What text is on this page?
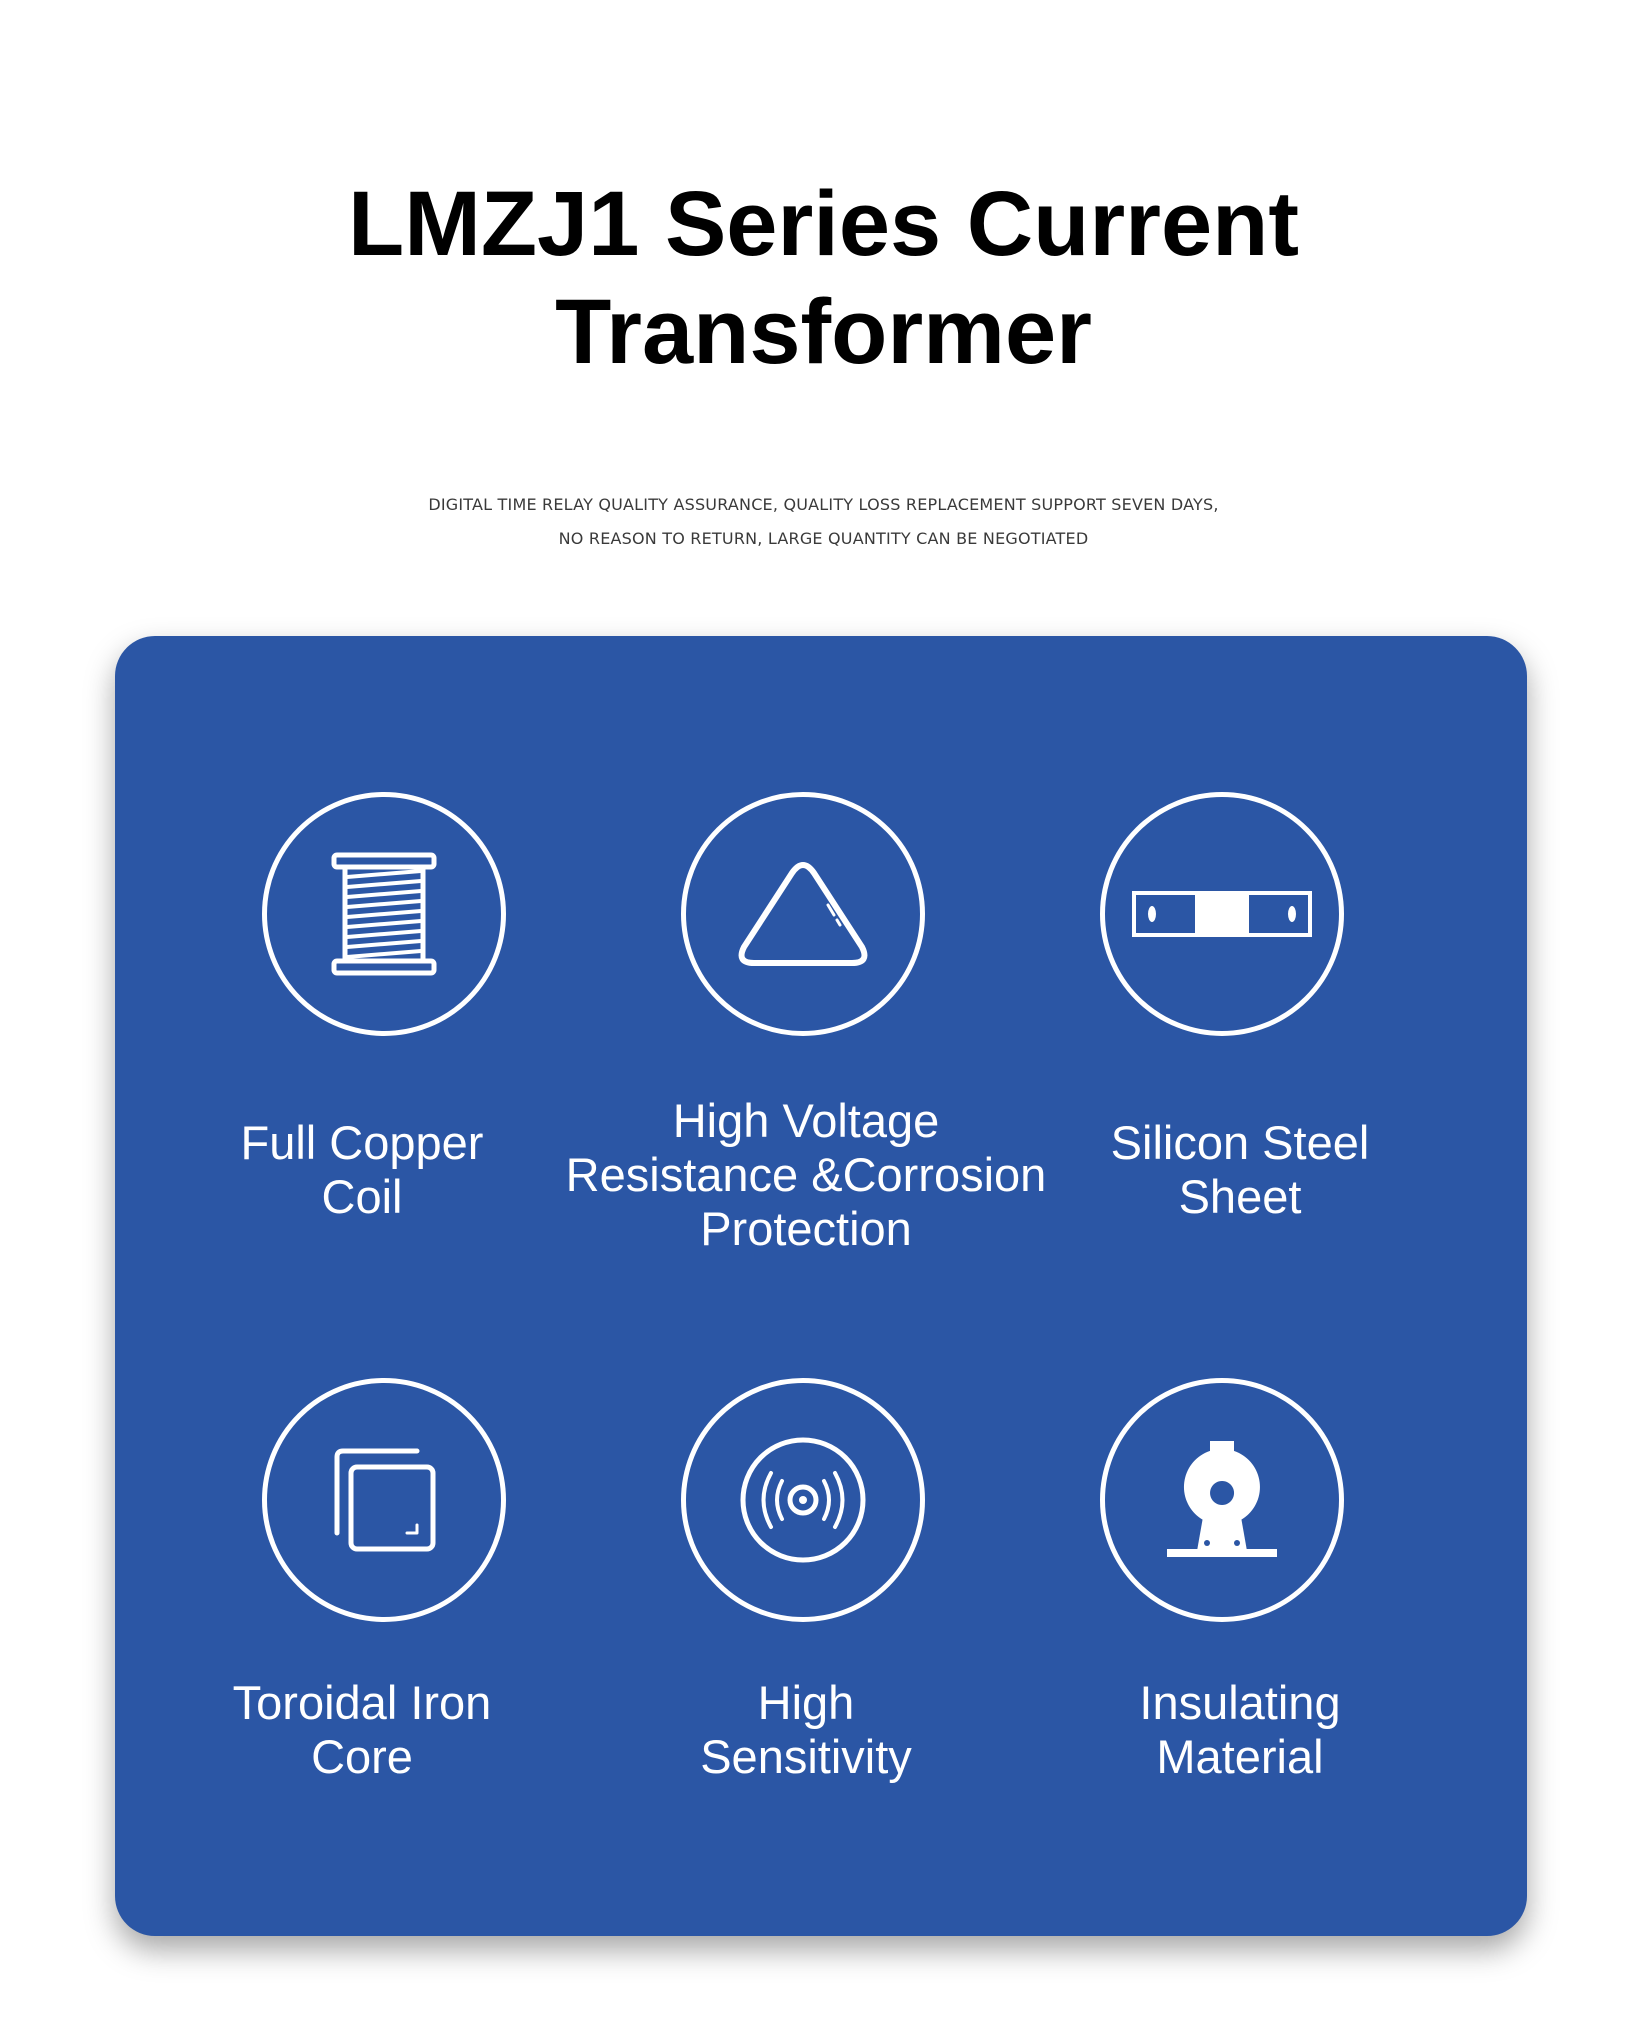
LMZJ1 Series Current
Transformer
DIGITAL TIME RELAY QUALITY ASSURANCE, QUALITY LOSS REPLACEMENT SUPPORT SEVEN DAYS,
NO REASON TO RETURN, LARGE QUANTITY CAN BE NEGOTIATED
Full Copper
Coil
High Voltage
Resistance &Corrosion
Protection
Silicon Steel
Sheet
Toroidal Iron
Core
High
Sensitivity
Insulating
Material
